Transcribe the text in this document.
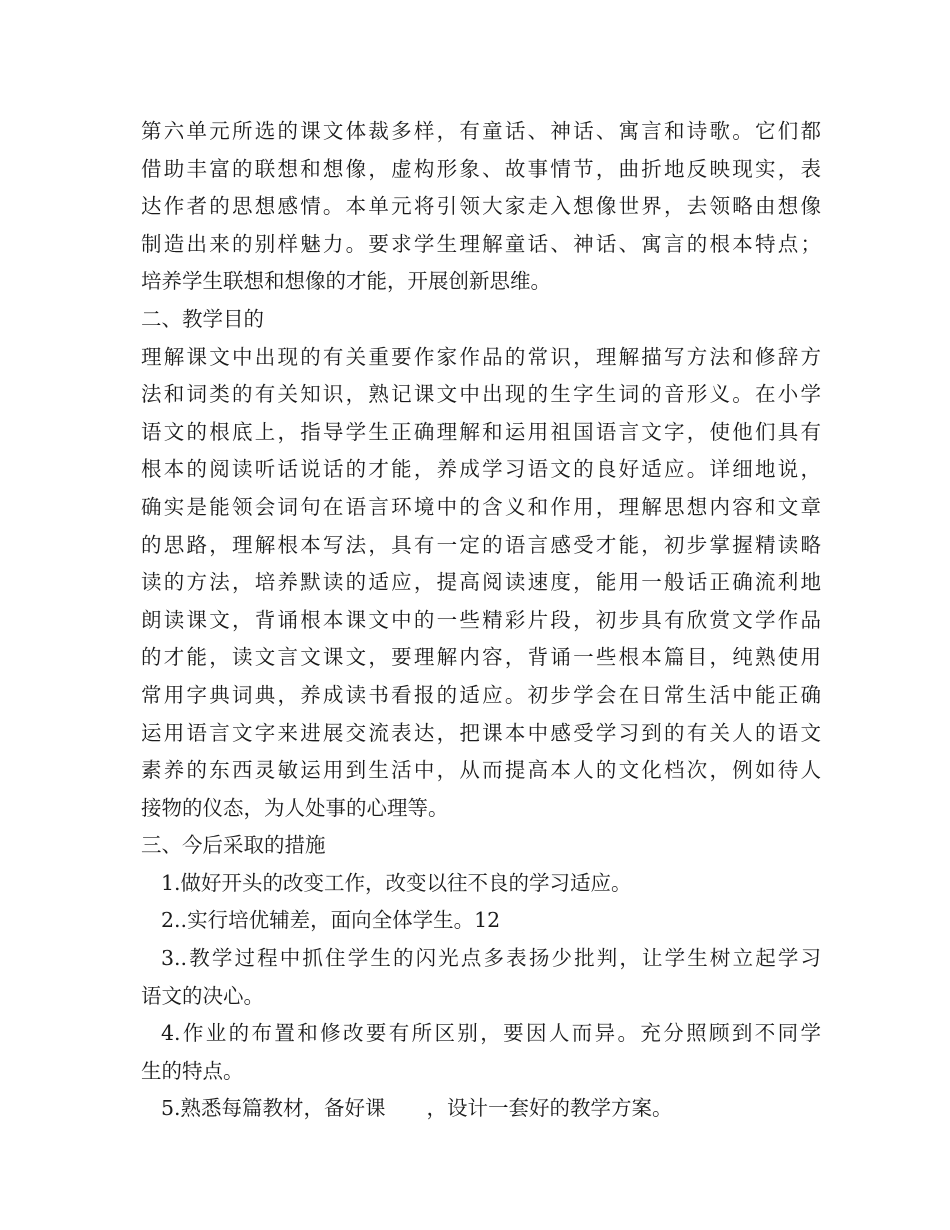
第六单元所选的课文体裁多样，有童话、神话、寓言和诗歌。它们都
借助丰富的联想和想像，虚构形象、故事情节，曲折地反映现实，表
达作者的思想感情。本单元将引领大家走入想像世界，去领略由想像
制造出来的别样魅力。要求学生理解童话、神话、寓言的根本特点；
培养学生联想和想像的才能，开展创新思维。
二、教学目的
理解课文中出现的有关重要作家作品的常识，理解描写方法和修辞方
法和词类的有关知识，熟记课文中出现的生字生词的音形义。在小学
语文的根底上，指导学生正确理解和运用祖国语言文字，使他们具有
根本的阅读听话说话的才能，养成学习语文的良好适应。详细地说，
确实是能领会词句在语言环境中的含义和作用，理解思想内容和文章
的思路，理解根本写法，具有一定的语言感受才能，初步掌握精读略
读的方法，培养默读的适应，提高阅读速度，能用一般话正确流利地
朗读课文，背诵根本课文中的一些精彩片段，初步具有欣赏文学作品
的才能，读文言文课文，要理解内容，背诵一些根本篇目，纯熟使用
常用字典词典，养成读书看报的适应。初步学会在日常生活中能正确
运用语言文字来进展交流表达，把课本中感受学习到的有关人的语文
素养的东西灵敏运用到生活中，从而提高本人的文化档次，例如待人
接物的仪态，为人处事的心理等。
三、今后采取的措施
1.做好开头的改变工作，改变以往不良的学习适应。
2..实行培优辅差，面向全体学生。12
3..教学过程中抓住学生的闪光点多表扬少批判，让学生树立起学习
语文的决心。
4.作业的布置和修改要有所区别，要因人而异。充分照顾到不同学
生的特点。
5.熟悉每篇教材，备好课　　，设计一套好的教学方案。
